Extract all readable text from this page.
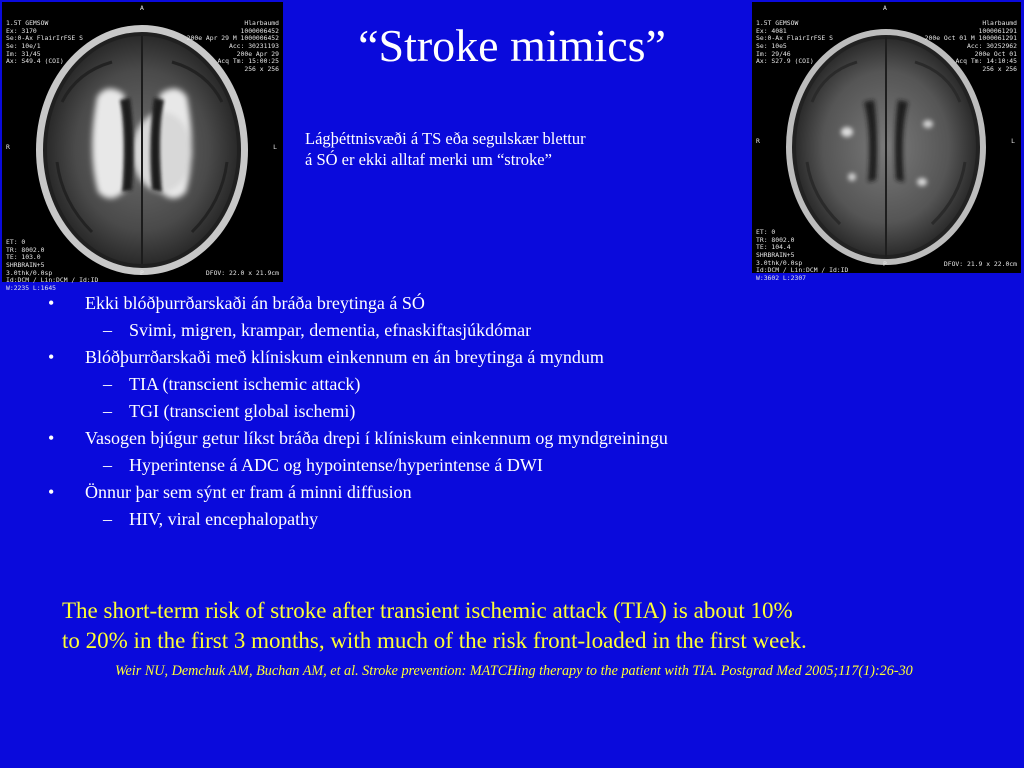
1.5T GEMSOW
Ex: 3170
Se:0-Ax FlairIrFSE S
Se: 10e/1
Im: 31/45
Ax: S49.4 (COI)

A

Hlarbaumd
1000006452
200e Apr 29 M 1000006452
Acc: 30231193
200e Apr 29
Acq Tm: 15:00:25
256 x 256

R	L

ET: 0
TR: 8002.0
TE: 103.0
SHRBRAIN+5
3.0thk/0.0sp
Id:DCM / Lin:DCM / Id:ID
W:2235 L:1645

P	DFOV: 22.0 x 21.9cm

1.5T GEMSOW
Ex: 4081
Se:0-Ax FlairIrFSE S
Se: 10e5
Im: 29/46
Ax: S27.9 (COI)

A

Hlarbaumd
1000061291
200e Oct 01 M 1000061291
Acc: 30252962
200e Oct 01
Acq Tm: 14:10:45
256 x 256

R	L

ET: 0
TR: 8002.0
TE: 104.4
SHRBRAIN+5
3.0thk/0.0sp
Id:DCM / Lin:DCM / Id:ID
W:3602 L:2307

P	DFOV: 21.9 x 22.0cm
“Stroke mimics”
Lágþéttnisvæði á TS eða segulskær blettur
á SÓ er ekki alltaf merki um “stroke”
• Ekki blóðþurrðarskaði án bráða breytinga á SÓ
– Svimi, migren, krampar, dementia, efnaskiftasjúkdómar
• Blóðþurrðarskaði með klíniskum einkennum en án breytinga á myndum
– TIA (transcient ischemic attack)
– TGI (transcient global ischemi)
• Vasogen bjúgur getur líkst bráða drepi í klíniskum einkennum og myndgreiningu
– Hyperintense á ADC og hypointense/hyperintense á DWI
• Önnur þar sem sýnt er fram á minni diffusion
– HIV, viral encephalopathy
The short-term risk of stroke after transient ischemic attack (TIA) is about 10%
to 20% in the first 3 months, with much of the risk front-loaded in the first week.
Weir NU, Demchuk AM, Buchan AM, et al. Stroke prevention: MATCHing therapy to the patient with TIA. Postgrad Med 2005;117(1):26-30
